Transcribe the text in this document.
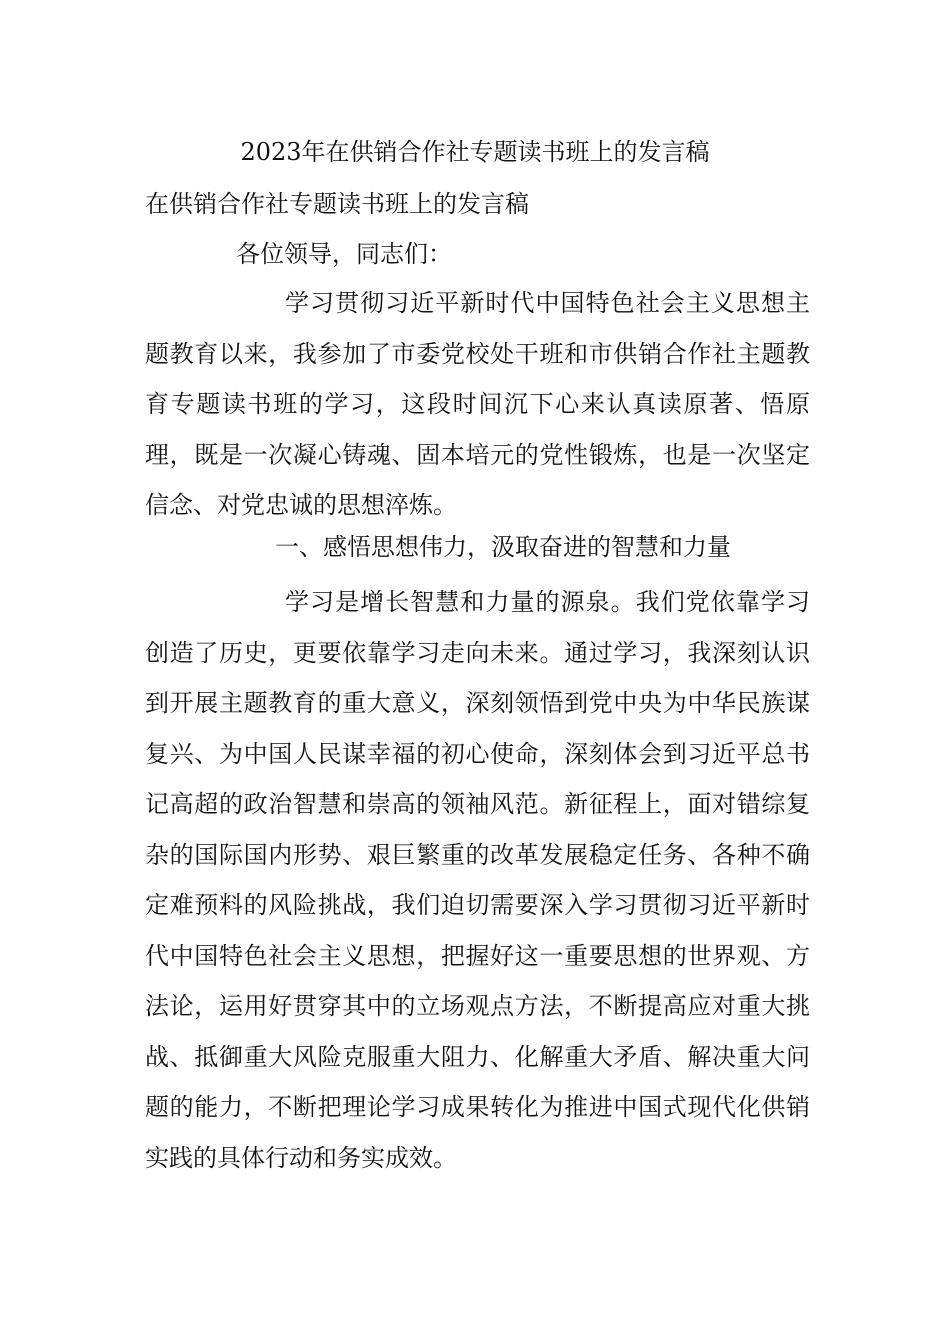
2023年在供销合作社专题读书班上的发言稿

在供销合作社专题读书班上的发言稿

各位领导，同志们：

学习贯彻习近平新时代中国特色社会主义思想主题教育以来，我参加了市委党校处干班和市供销合作社主题教育专题读书班的学习，这段时间沉下心来认真读原著、悟原理，既是一次凝心铸魂、固本培元的党性锻炼，也是一次坚定信念、对党忠诚的思想淬炼。

一、感悟思想伟力，汲取奋进的智慧和力量

学习是增长智慧和力量的源泉。我们党依靠学习创造了历史，更要依靠学习走向未来。通过学习，我深刻认识到开展主题教育的重大意义，深刻领悟到党中央为中华民族谋复兴、为中国人民谋幸福的初心使命，深刻体会到习近平总书记高超的政治智慧和崇高的领袖风范。新征程上，面对错综复杂的国际国内形势、艰巨繁重的改革发展稳定任务、各种不确定难预料的风险挑战，我们迫切需要深入学习贯彻习近平新时代中国特色社会主义思想，把握好这一重要思想的世界观、方法论，运用好贯穿其中的立场观点方法，不断提高应对重大挑战、抵御重大风险克服重大阻力、化解重大矛盾、解决重大问题的能力，不断把理论学习成果转化为推进中国式现代化供销实践的具体行动和务实成效。
